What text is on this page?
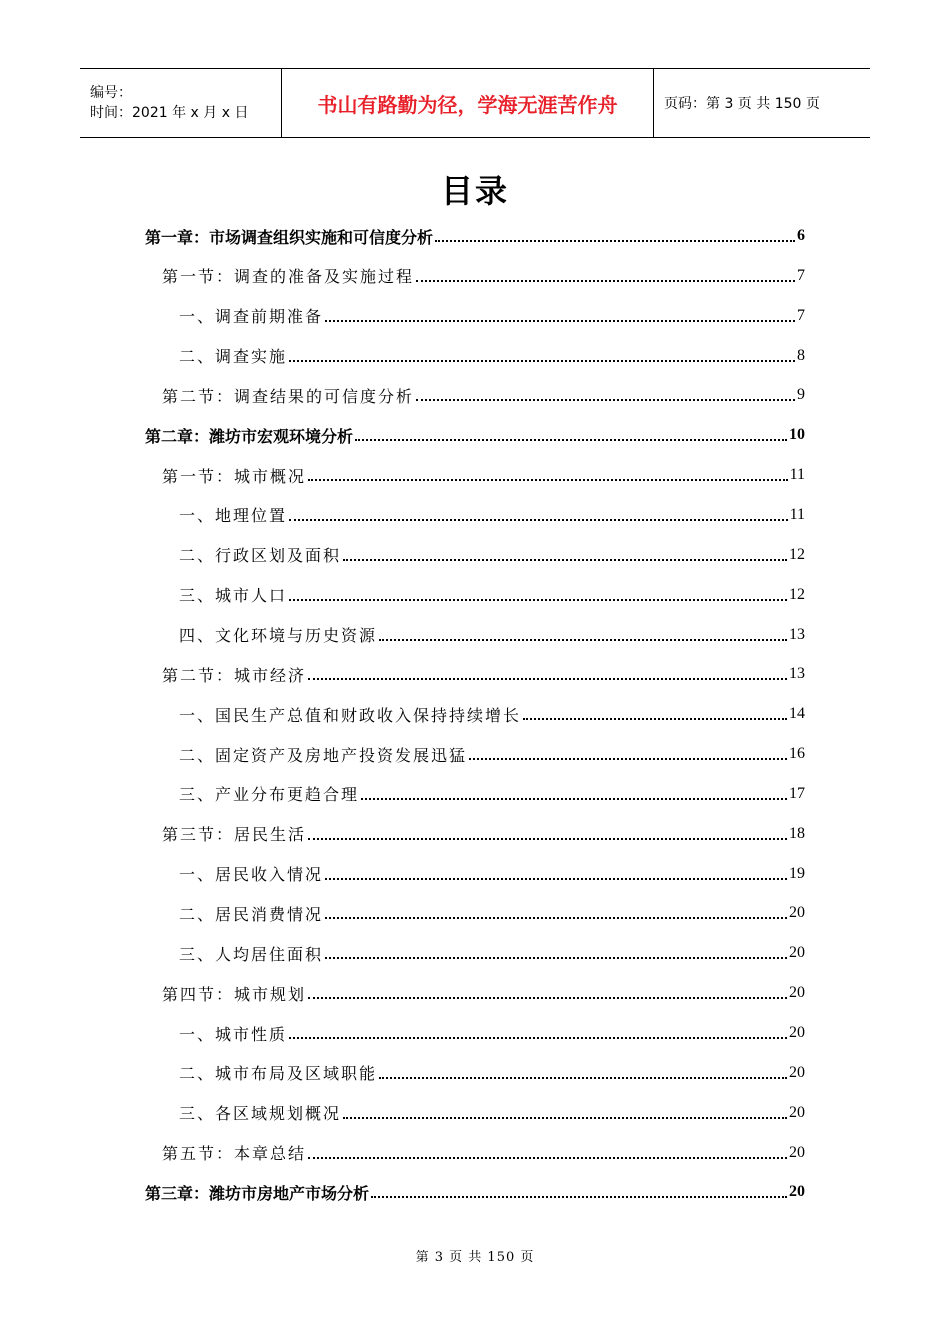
编号：
时间：2021 年 x 月 x 日	书山有路勤为径，学海无涯苦作舟	页码：第 3 页 共 150 页
目录
第一章：市场调查组织实施和可信度分析	6
第一节：调查的准备及实施过程	7
一、调查前期准备	7
二、调查实施	8
第二节：调查结果的可信度分析	9
第二章：潍坊市宏观环境分析	10
第一节：城市概况	11
一、地理位置	11
二、行政区划及面积	12
三、城市人口	12
四、文化环境与历史资源	13
第二节：城市经济	13
一、国民生产总值和财政收入保持持续增长	14
二、固定资产及房地产投资发展迅猛	16
三、产业分布更趋合理	17
第三节：居民生活	18
一、居民收入情况	19
二、居民消费情况	20
三、人均居住面积	20
第四节：城市规划	20
一、城市性质	20
二、城市布局及区域职能	20
三、各区域规划概况	20
第五节：本章总结	20
第三章：潍坊市房地产市场分析	20
第 3 页 共 150 页
